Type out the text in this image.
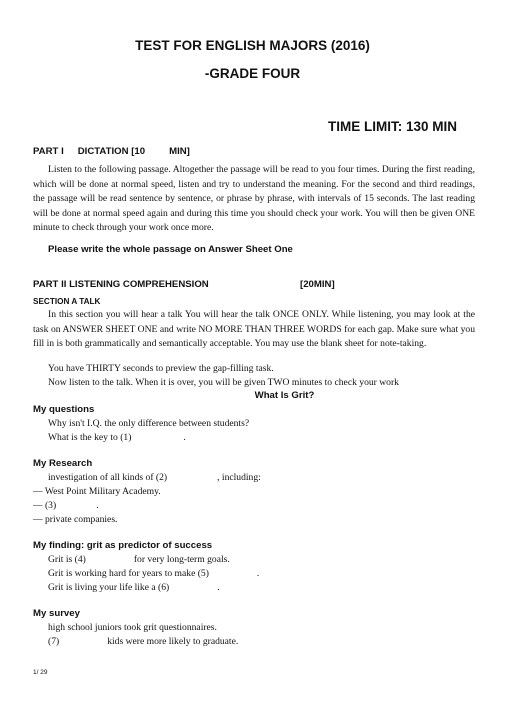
TEST FOR ENGLISH MAJORS (2016)
-GRADE FOUR
TIME LIMIT: 130 MIN
PART I DICTATION [10	MIN]
Listen to the following passage. Altogether the passage will be read to you four times. During the first reading, which will be done at normal speed, listen and try to understand the meaning. For the second and third readings, the passage will be read sentence by sentence, or phrase by phrase, with intervals of 15 seconds. The last reading will be done at normal speed again and during this time you should check your work. You will then be given ONE minute to check through your work once more.
Please write the whole passage on Answer Sheet One
PART II LISTENING COMPREHENSION	[20MIN]
SECTION A TALK
In this section you will hear a talk You will hear the talk ONCE ONLY. While listening, you may look at the task on ANSWER SHEET ONE and write NO MORE THAN THREE WORDS for each gap. Make sure what you fill in is both grammatically and semantically acceptable. You may use the blank sheet for note-taking.
You have THIRTY seconds to preview the gap-filling task.
Now listen to the talk. When it is over, you will be given TWO minutes to check your work
What Is Grit?
My questions
Why isn't I.Q. the only difference between students?
What is the key to (1)	.
My Research
investigation of all kinds of (2)	, including:
— West Point Military Academy.
— (3)	.
— private companies.
My finding: grit as predictor of success
Grit is (4)	for very long-term goals.
Grit is working hard for years to make (5)	.
Grit is living your life like a (6)	.
My survey
high school juniors took grit questionnaires.
(7)	kids were more likely to graduate.
1/ 29
